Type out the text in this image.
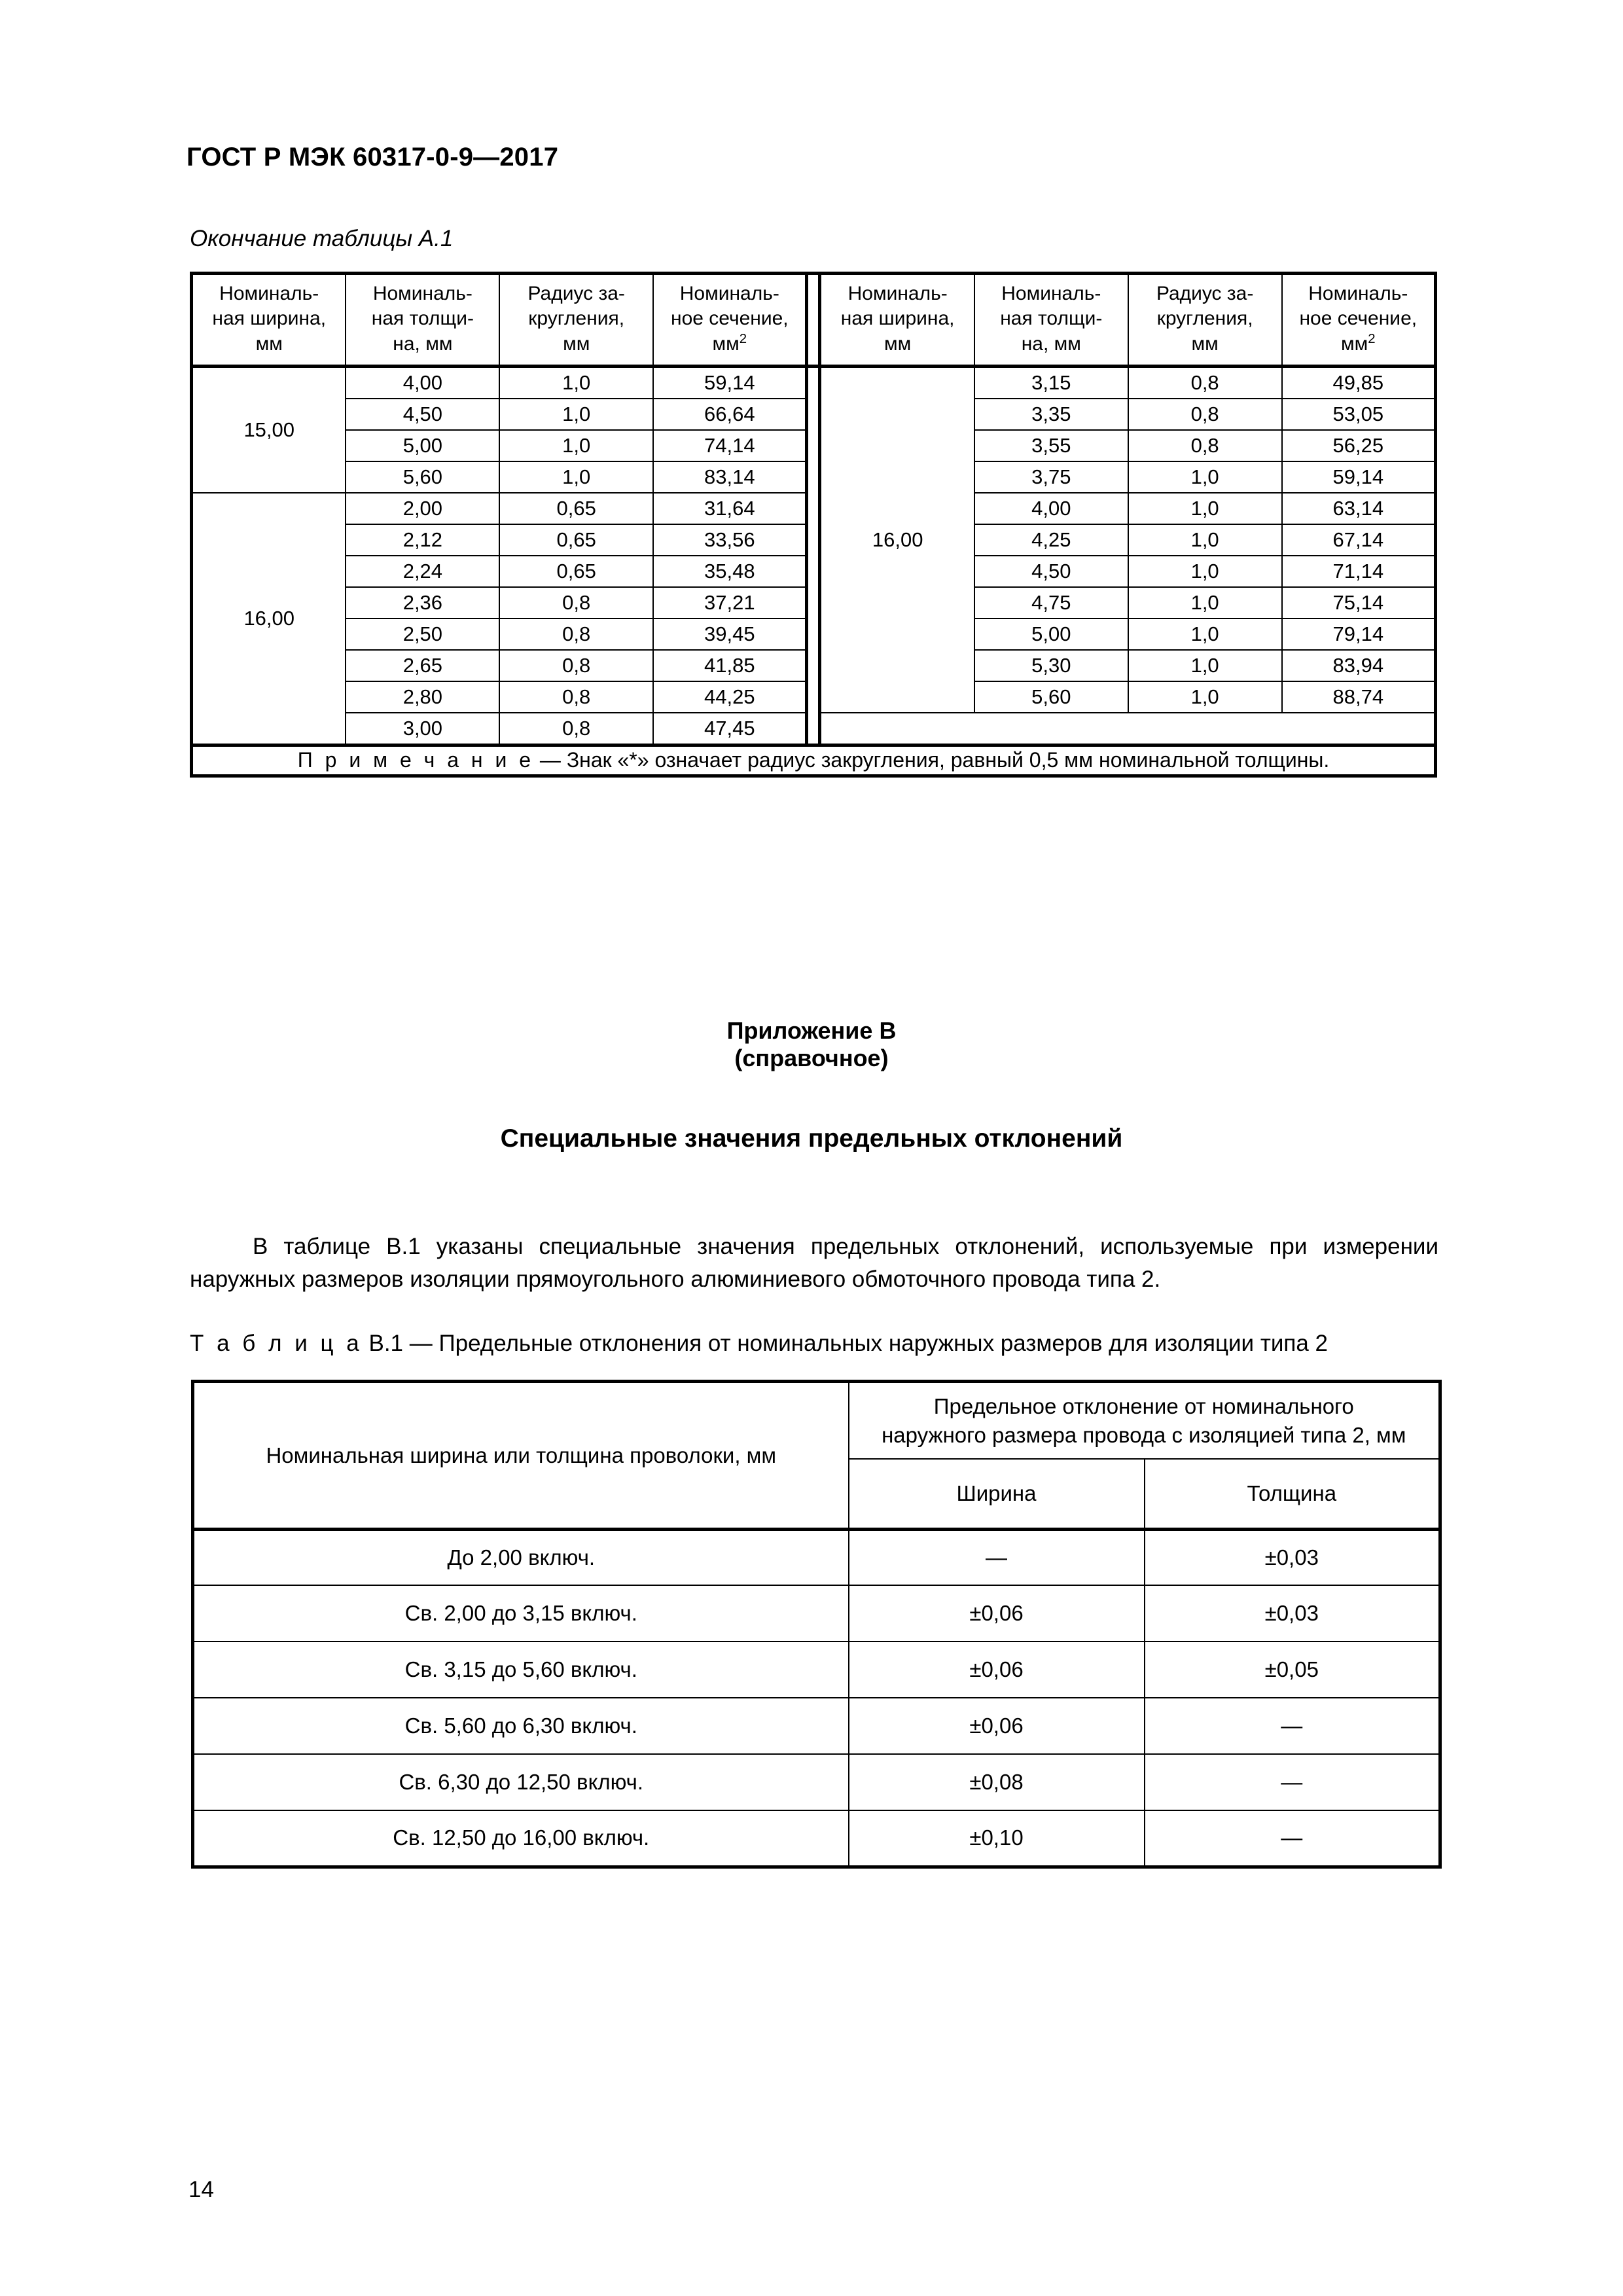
ГОСТ Р МЭК 60317-0-9—2017
Окончание таблицы А.1
Номиналь-
ная ширина,
мм	Номиналь-
ная толщи-
на, мм	Радиус за-
кругления,
мм	Номиналь-
ное сечение,
$мм^2$		Номиналь-
ная ширина,
мм	Номиналь-
ная толщи-
на, мм	Радиус за-
кругления,
мм	Номиналь-
ное сечение,
$мм^2$
15,00	4,00	1,0	59,14		16,00	3,15	0,8	49,85
	4,50	1,0	66,64			3,35	0,8	53,05
	5,00	1,0	74,14			3,55	0,8	56,25
	5,60	1,0	83,14			3,75	1,0	59,14
16,00	2,00	0,65	31,64			4,00	1,0	63,14
	2,12	0,65	33,56			4,25	1,0	67,14
	2,24	0,65	35,48			4,50	1,0	71,14
	2,36	0,8	37,21			4,75	1,0	75,14
	2,50	0,8	39,45			5,00	1,0	79,14
	2,65	0,8	41,85			5,30	1,0	83,94
	2,80	0,8	44,25			5,60	1,0	88,74
	3,00	0,8	47,45					
П р и м е ч а н и е — Знак «*» означает радиус закругления, равный 0,5 мм номинальной толщины.								
Приложение В
(справочное)
Специальные значения предельных отклонений
В таблице В.1 указаны специальные значения предельных отклонений, используемые при измерении наружных размеров изоляции прямоугольного алюминиевого обмоточного провода типа 2.
Т а б л и ц а В.1 — Предельные отклонения от номинальных наружных размеров для изоляции типа 2
Номинальная ширина или толщина проволоки, мм	Предельное отклонение от номинального
наружного размера провода с изоляцией типа 2, мм	
	Ширина	Толщина
До 2,00 включ.	—	±0,03
Св. 2,00 до 3,15 включ.	±0,06	±0,03
Св. 3,15 до 5,60 включ.	±0,06	±0,05
Св. 5,60 до 6,30 включ.	±0,06	—
Св. 6,30 до 12,50 включ.	±0,08	—
Св. 12,50 до 16,00 включ.	±0,10	—
14
